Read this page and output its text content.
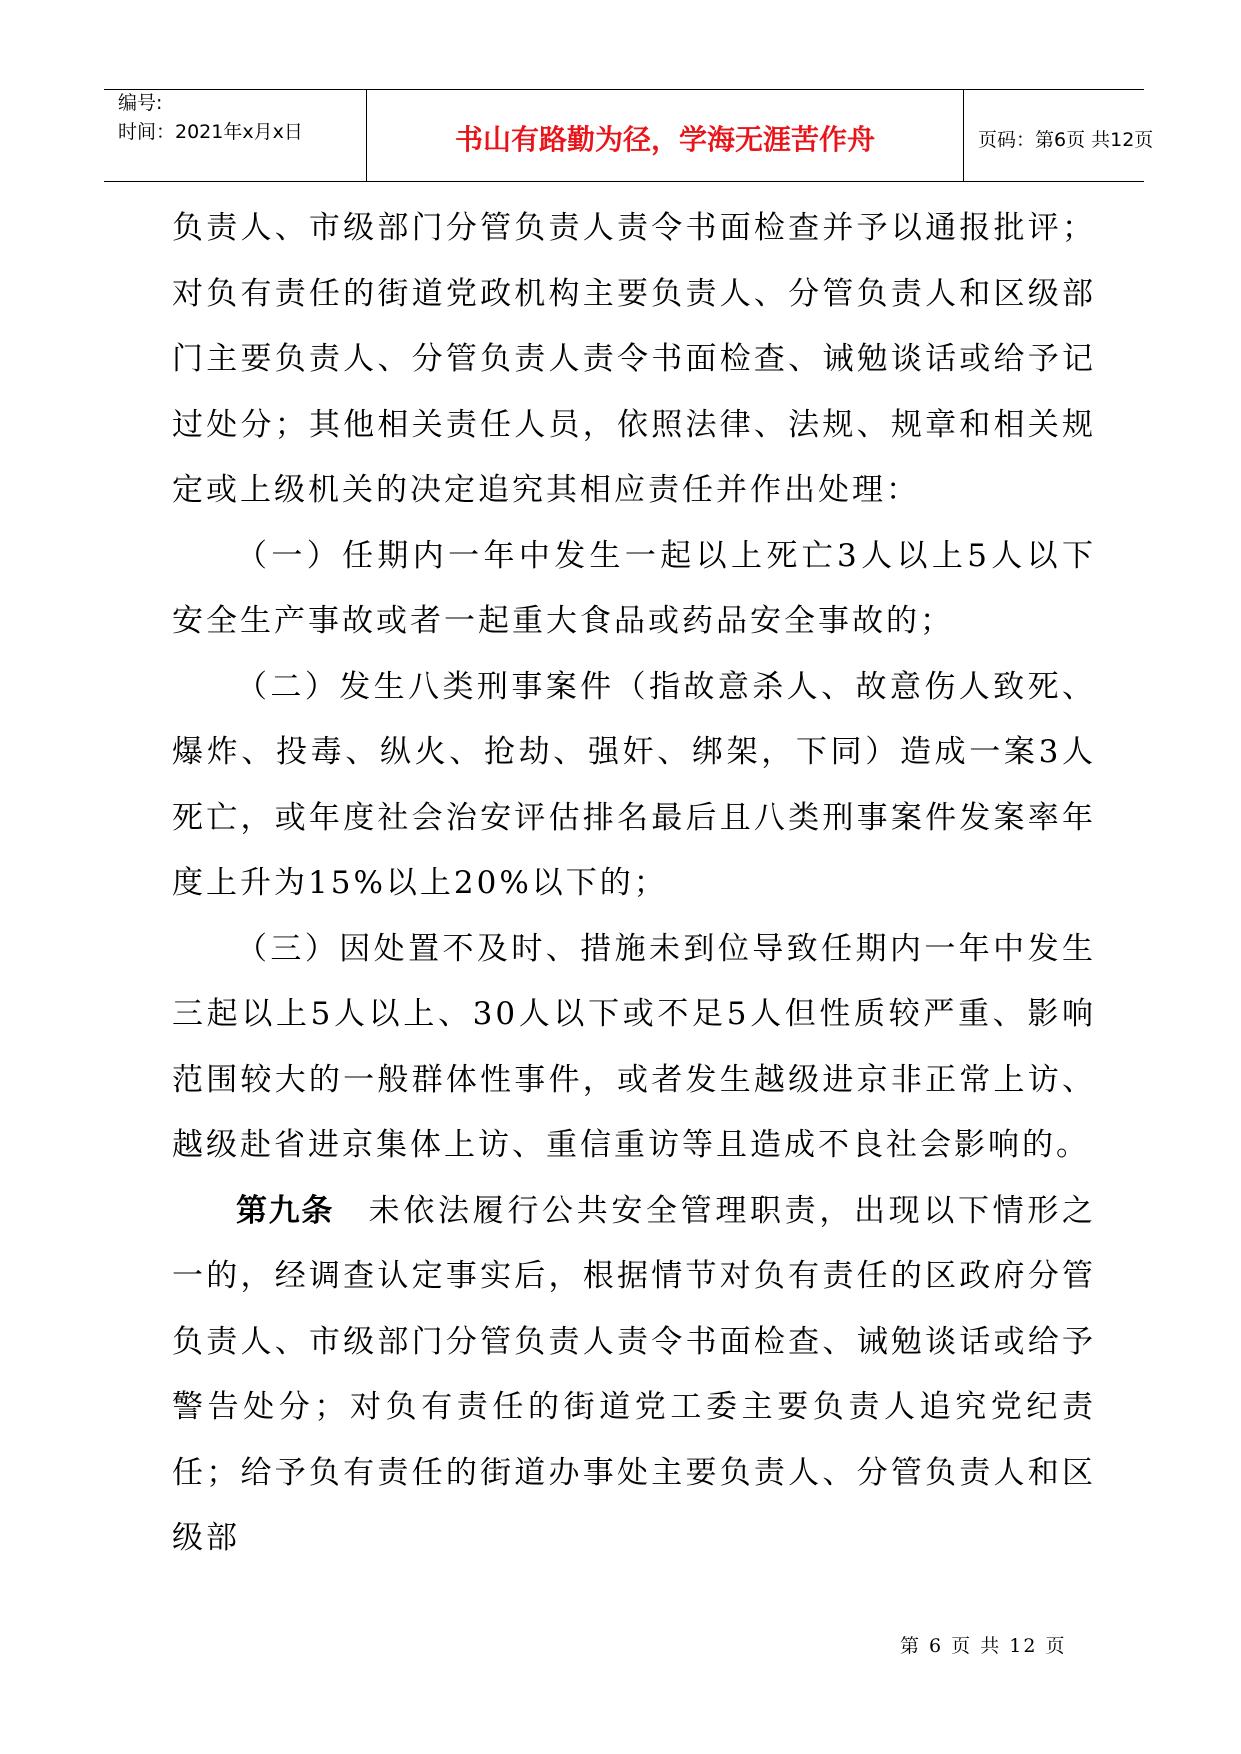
编号:
时间：2021年x月x日	书山有路勤为径，学海无涯苦作舟	页码：第6页 共12页

负责人、市级部门分管负责人责令书面检查并予以通报批评；对负有责任的街道党政机构主要负责人、分管负责人和区级部门主要负责人、分管负责人责令书面检查、诫勉谈话或给予记过处分；其他相关责任人员，依照法律、法规、规章和相关规定或上级机关的决定追究其相应责任并作出处理：

（一）任期内一年中发生一起以上死亡3人以上5人以下安全生产事故或者一起重大食品或药品安全事故的；

（二）发生八类刑事案件（指故意杀人、故意伤人致死、爆炸、投毒、纵火、抢劫、强奸、绑架，下同）造成一案3人死亡，或年度社会治安评估排名最后且八类刑事案件发案率年度上升为15%以上20%以下的；

（三）因处置不及时、措施未到位导致任期内一年中发生三起以上5人以上、30人以下或不足5人但性质较严重、影响范围较大的一般群体性事件，或者发生越级进京非正常上访、越级赴省进京集体上访、重信重访等且造成不良社会影响的。

第九条　未依法履行公共安全管理职责，出现以下情形之一的，经调查认定事实后，根据情节对负有责任的区政府分管负责人、市级部门分管负责人责令书面检查、诫勉谈话或给予警告处分；对负有责任的街道党工委主要负责人追究党纪责任；给予负有责任的街道办事处主要负责人、分管负责人和区级部

第 6 页 共 12 页
